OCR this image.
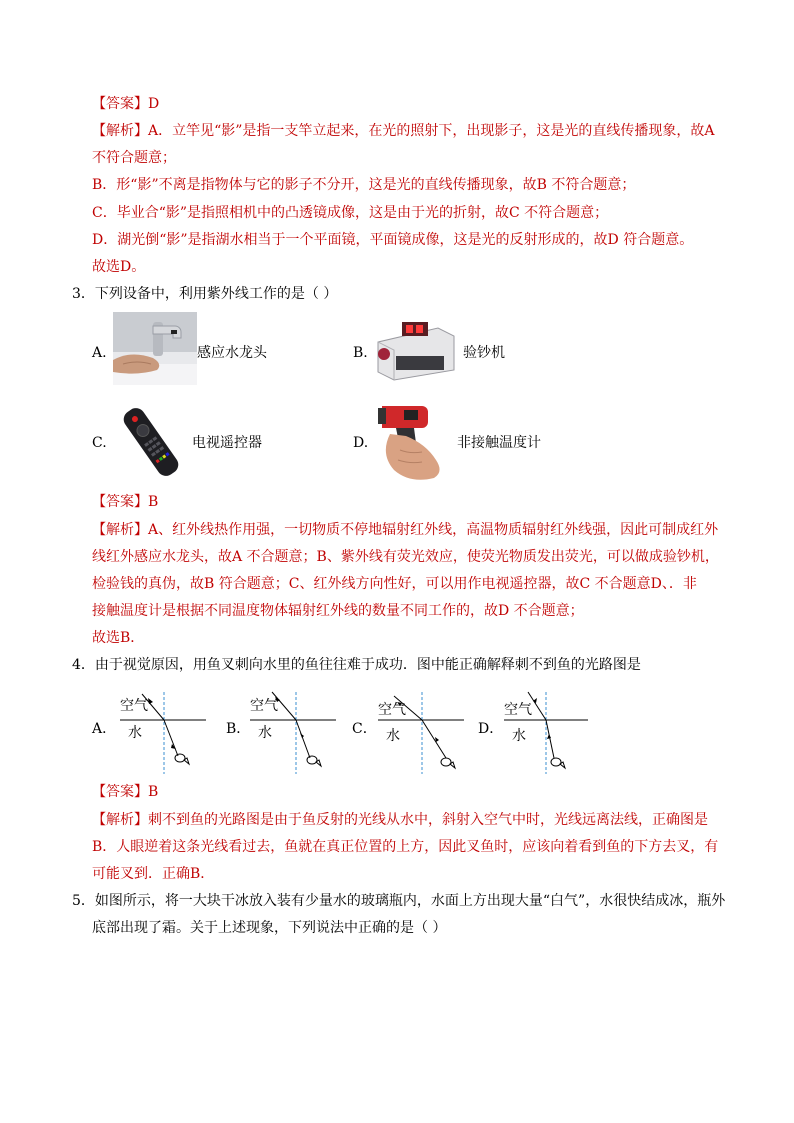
【答案】D
【解析】A．立竿见“影”是指一支竿立起来，在光的照射下，出现影子，这是光的直线传播现象，故A
不符合题意；
B．形“影”不离是指物体与它的影子不分开，这是光的直线传播现象，故B 不符合题意；
C．毕业合“影”是指照相机中的凸透镜成像，这是由于光的折射，故C 不符合题意；
D．湖光倒“影”是指湖水相当于一个平面镜，平面镜成像，这是光的反射形成的，故D 符合题意。
故选D。
3．下列设备中，利用紫外线工作的是（ ）
A.	感应水龙头	B.	验钞机
C.	电视遥控器	D.	非接触温度计
【答案】B
【解析】A、红外线热作用强，一切物质不停地辐射红外线，高温物质辐射红外线强，因此可制成红外
线红外感应水龙头，故A 不合题意；B、紫外线有荧光效应，使荧光物质发出荧光，可以做成验钞机，
检验钱的真伪，故B 符合题意；C、红外线方向性好，可以用作电视遥控器，故C 不合题意D、．非
接触温度计是根据不同温度物体辐射红外线的数量不同工作的，故D 不合题意；
故选B．
4．由于视觉原因，用鱼叉刺向水里的鱼往往难于成功．图中能正确解释刺不到鱼的光路图是
A．
空气
水	B．
空气
水	C．
空气
水	D．
空气
水
【答案】B
【解析】刺不到鱼的光路图是由于鱼反射的光线从水中，斜射入空气中时，光线远离法线，正确图是
B．人眼逆着这条光线看过去，鱼就在真正位置的上方，因此叉鱼时，应该向着看到鱼的下方去叉，有
可能叉到．正确B．
5．如图所示，将一大块干冰放入装有少量水的玻璃瓶内，水面上方出现大量“白气”，水很快结成冰，瓶外
底部出现了霜。关于上述现象，下列说法中正确的是（ ）
